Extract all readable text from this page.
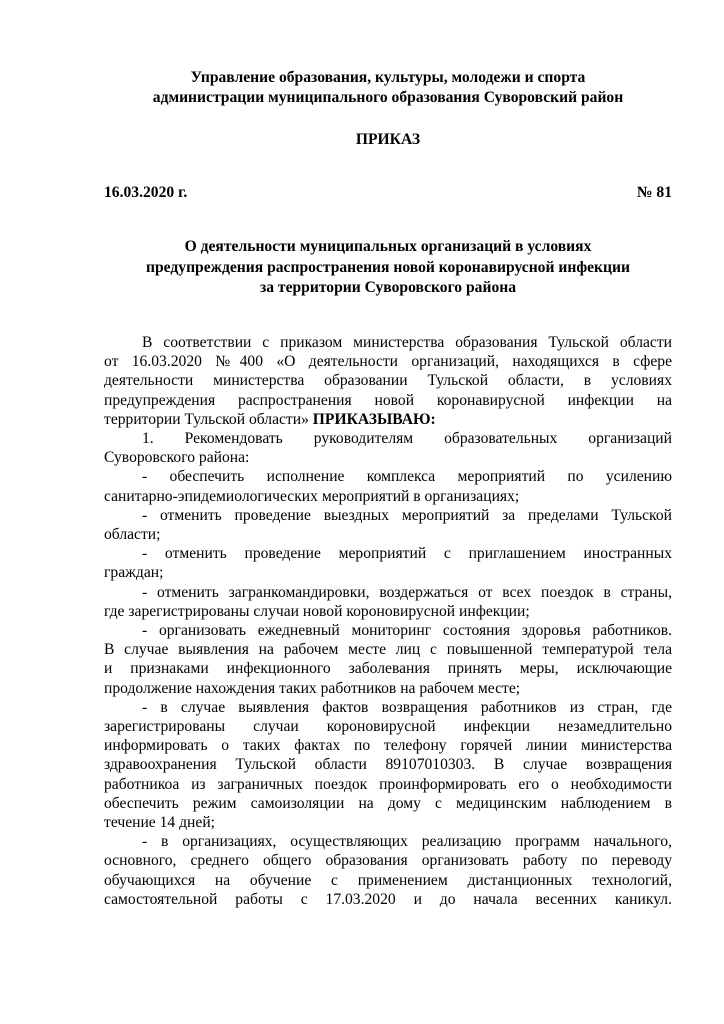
Управление образования, культуры, молодежи и спорта
администрации муниципального образования Суворовский район
ПРИКАЗ
16.03.2020 г.	№ 81
О деятельности муниципальных организаций в условиях
предупреждения распространения новой коронавирусной инфекции
за территории Суворовского района

В соответствии с приказом министерства образования Тульской области
от 16.03.2020 №400 «О деятельности организаций, находящихся в сфере
деятельности министерства образовании Тульской области, в условиях
предупреждения распространения новой коронавирусной инфекции на
территории Тульской области» ПРИКАЗЫВАЮ:

1. Рекомендовать руководителям образовательных организаций
Суворовского района:

- обеспечить исполнение комплекса мероприятий по усилению
санитарно-эпидемиологических мероприятий в организациях;

- отменить проведение выездных мероприятий за пределами Тульской
области;

- отменить проведение мероприятий с приглашением иностранных
граждан;

- отменить загранкомандировки, воздержаться от всех поездок в страны,
где зарегистрированы случаи новой короновирусной инфекции;

- организовать ежедневный мониторинг состояния здоровья работников.
В случае выявления на рабочем месте лиц с повышенной температурой тела
и признаками инфекционного заболевания принять меры, исключающие
продолжение нахождения таких работников на рабочем месте;

- в случае выявления фактов возвращения работников из стран, где
зарегистрированы случаи короновирусной инфекции незамедлительно
информировать о таких фактах по телефону горячей линии министерства
здравоохранения Тульской области 89107010303. В случае возвращения
работникоа из заграничных поездок проинформировать его о необходимости
обеспечить режим самоизоляции на дому с медицинским наблюдением в
течение 14 дней;

- в организациях, осуществляющих реализацию программ начального,
основного, среднего общего образования организовать работу по переводу
обучающихся на обучение с применением дистанционных технологий,
самостоятельной работы с 17.03.2020 и до начала весенних каникул.
